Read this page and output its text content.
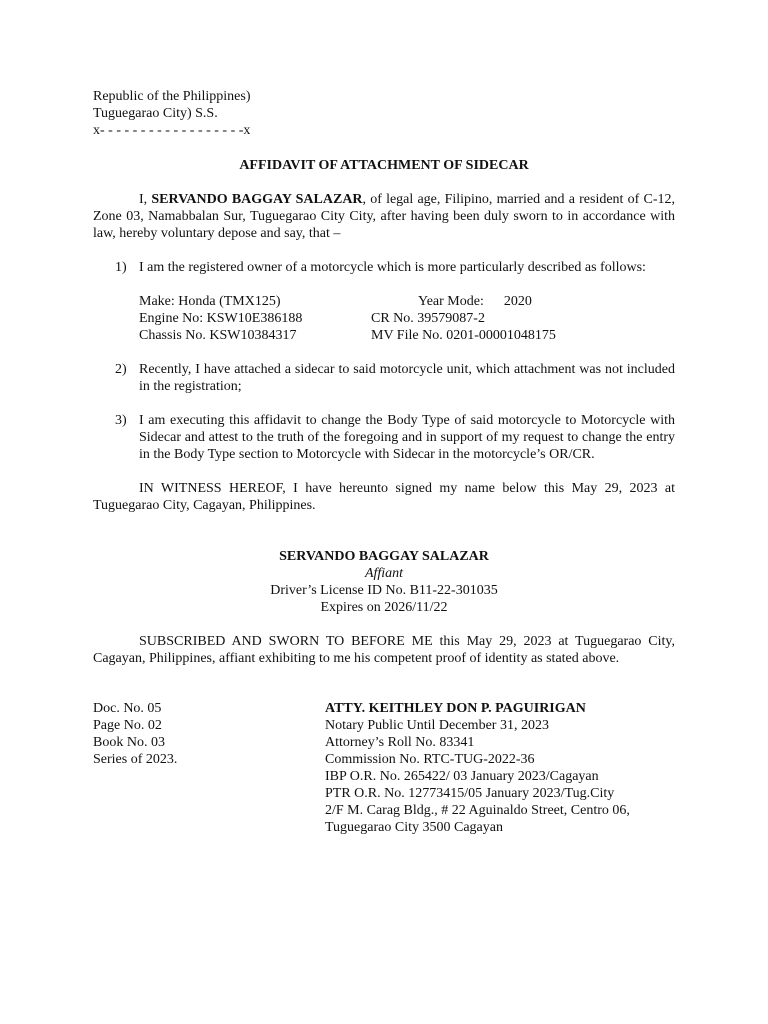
Republic of the Philippines)
Tuguegarao City) S.S.
x- - - - - - - - - - - - - - - - - -x
AFFIDAVIT OF ATTACHMENT OF SIDECAR

I, SERVANDO BAGGAY SALAZAR, of legal age, Filipino, married and a resident of C-12, Zone 03, Namabbalan Sur, Tuguegarao City City, after having been duly sworn to in accordance with law, hereby voluntary depose and say, that –

1) I am the registered owner of a motorcycle which is more particularly described as follows:
Make: Honda (TMX125)	Year Mode: 2020
Engine No: KSW10E386188	CR No. 39579087-2
Chassis No. KSW10384317	MV File No. 0201-00001048175
2) Recently, I have attached a sidecar to said motorcycle unit, which attachment was not included in the registration;
3) I am executing this affidavit to change the Body Type of said motorcycle to Motorcycle with Sidecar and attest to the truth of the foregoing and in support of my request to change the entry in the Body Type section to Motorcycle with Sidecar in the motorcycle’s OR/CR.

IN WITNESS HEREOF, I have hereunto signed my name below this May 29, 2023 at Tuguegarao City, Cagayan, Philippines.

SERVANDO BAGGAY SALAZAR
Affiant
Driver’s License ID No. B11-22-301035
Expires on 2026/11/22

SUBSCRIBED AND SWORN TO BEFORE ME this May 29, 2023 at Tuguegarao City, Cagayan, Philippines, affiant exhibiting to me his competent proof of identity as stated above.

Doc. No. 05
Page No. 02
Book No. 03
Series of 2023.
ATTY. KEITHLEY DON P. PAGUIRIGAN
Notary Public Until December 31, 2023
Attorney’s Roll No. 83341
Commission No. RTC-TUG-2022-36
IBP O.R. No. 265422/ 03 January 2023/Cagayan
PTR O.R. No. 12773415/05 January 2023/Tug.City
2/F M. Carag Bldg., # 22 Aguinaldo Street, Centro 06,
Tuguegarao City 3500 Cagayan
